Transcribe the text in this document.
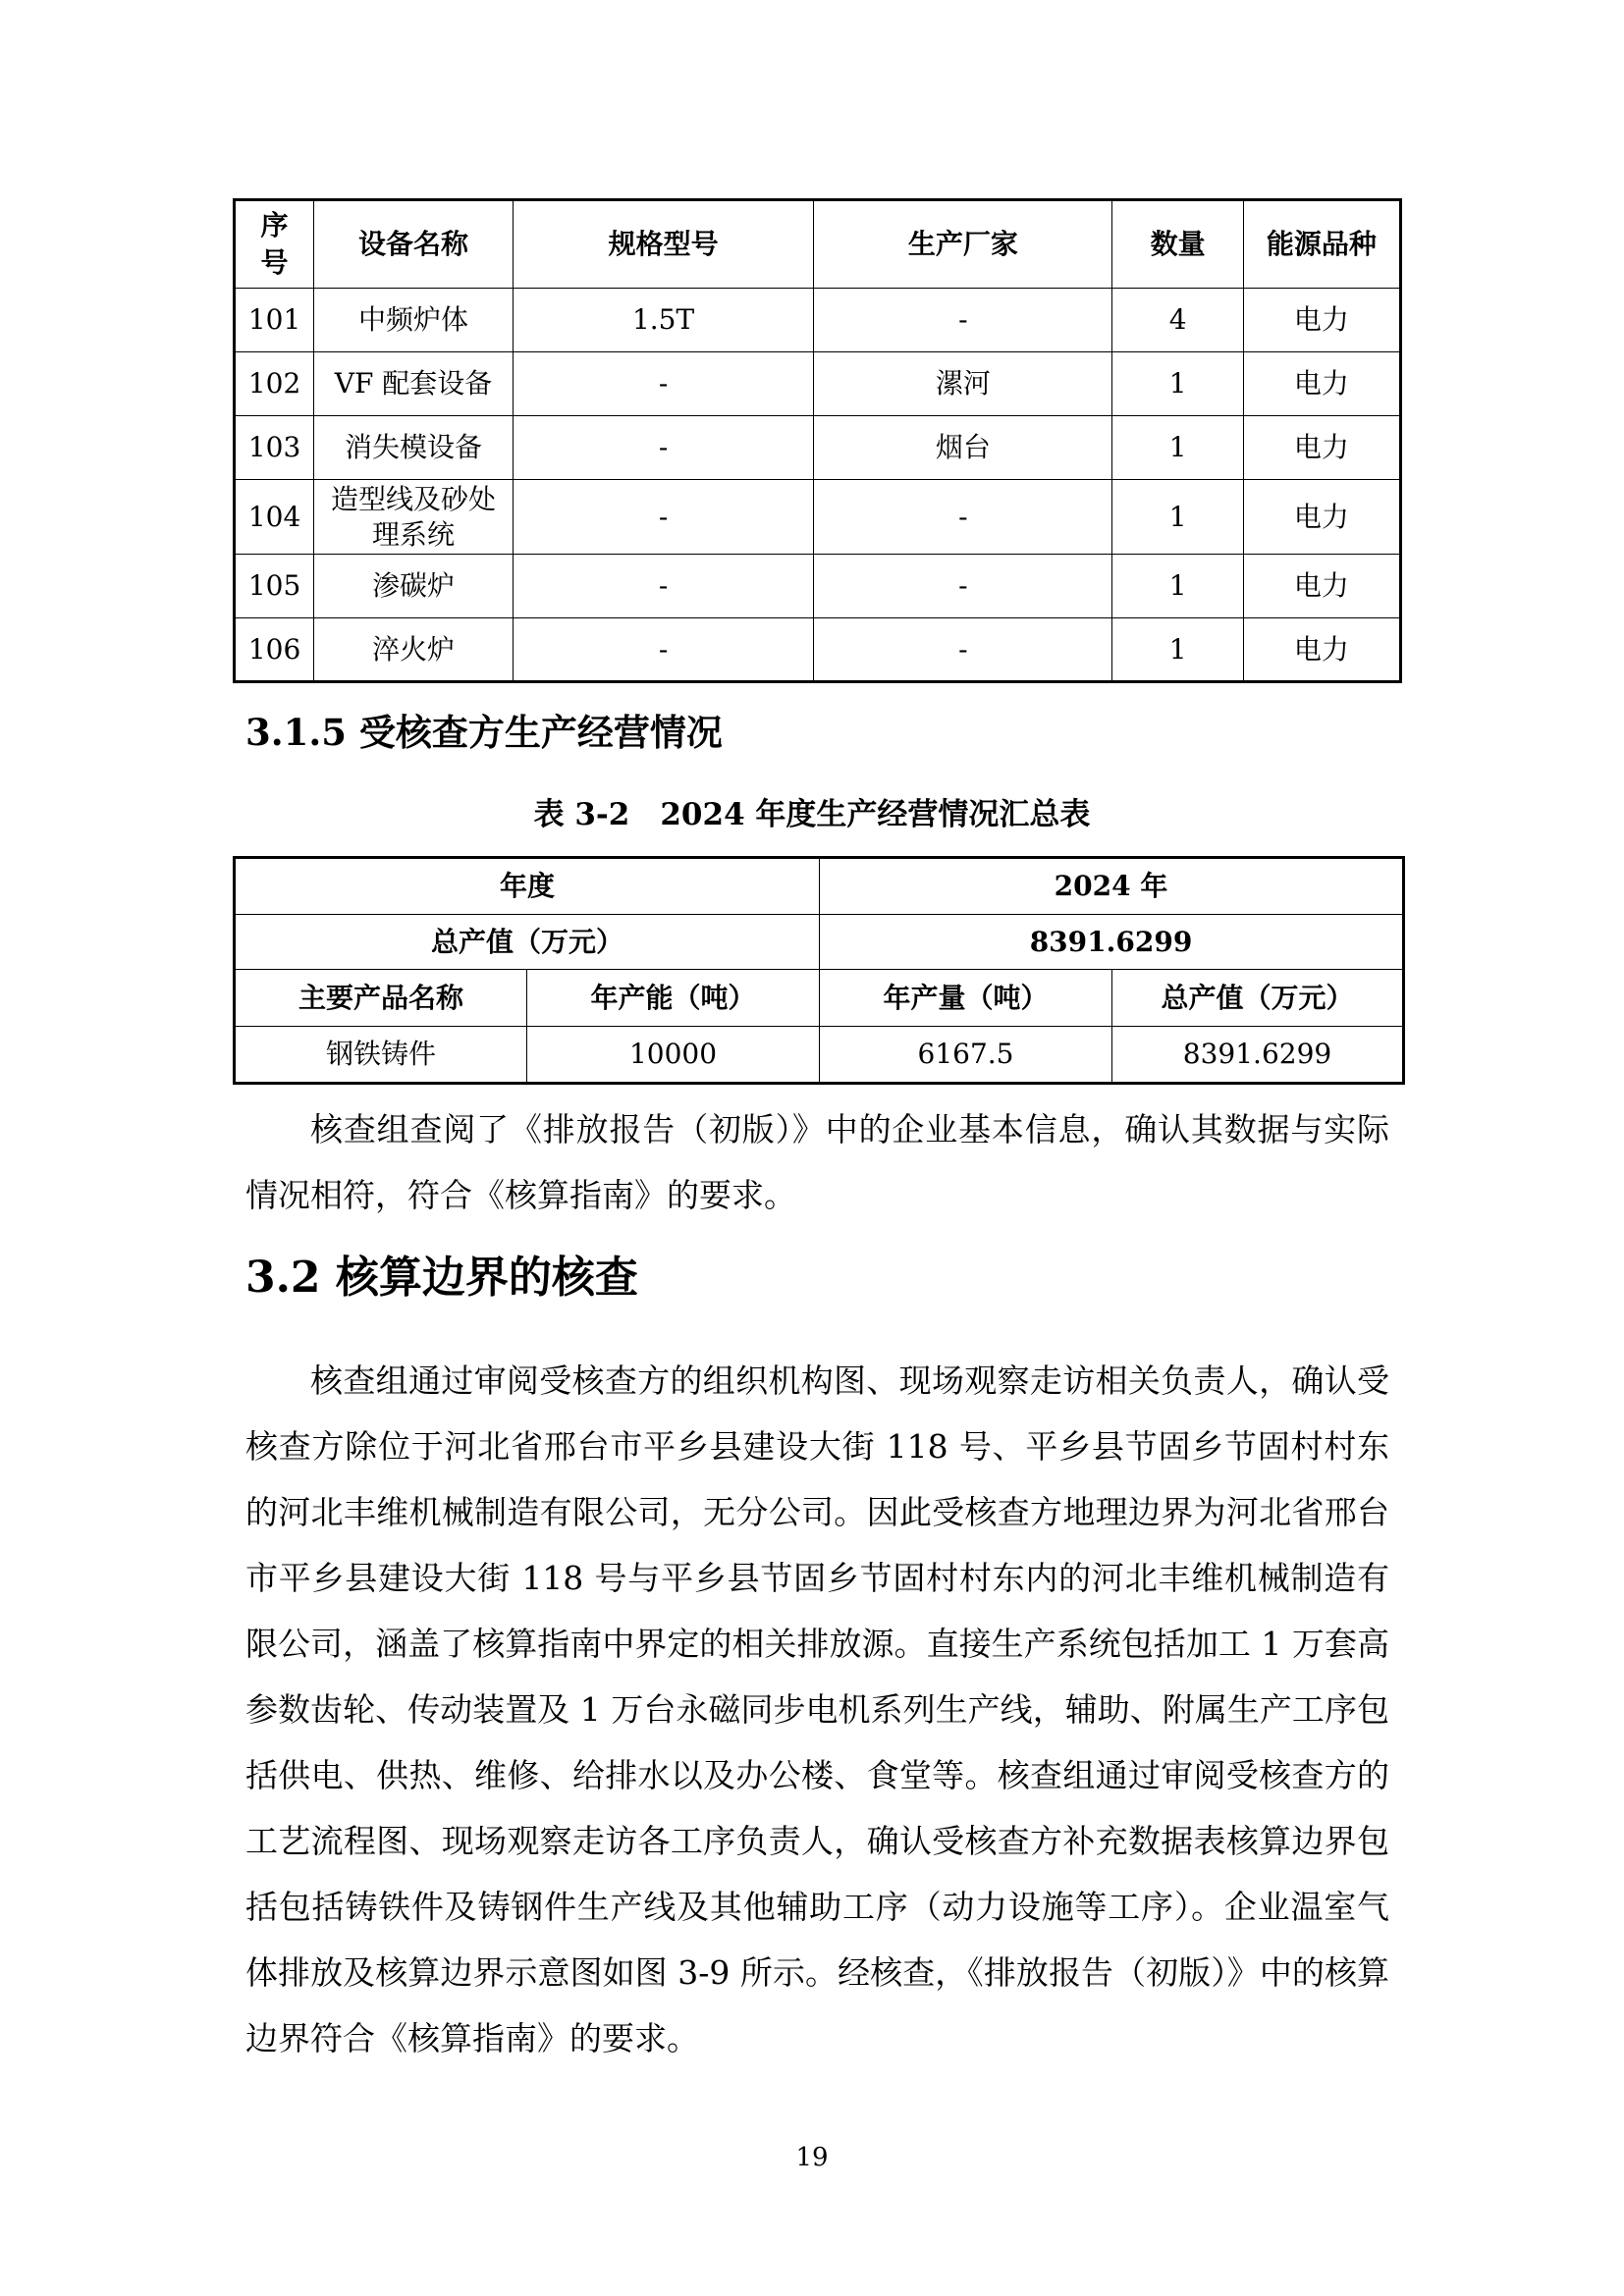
序
号	设备名称	规格型号	生产厂家	数量	能源品种
101	中频炉体	1.5T	-	4	电力
102	VF 配套设备	-	漯河	1	电力
103	消失模设备	-	烟台	1	电力
104	造型线及砂处理系统	-	-	1	电力
105	渗碳炉	-	-	1	电力
106	淬火炉	-	-	1	电力
3.1.5 受核查方生产经营情况

表 3-2　2024 年度生产经营情况汇总表

年度		2024 年	
总产值（万元）		8391.6299	
主要产品名称	年产能（吨）	年产量（吨）	总产值（万元）
钢铁铸件	10000	6167.5	8391.6299

核查组查阅了《排放报告（初版）》中的企业基本信息，确认其数据与实际情况相符，符合《核算指南》的要求。

3.2 核算边界的核查

核查组通过审阅受核查方的组织机构图、现场观察走访相关负责人，确认受核查方除位于河北省邢台市平乡县建设大街 118 号、平乡县节固乡节固村村东的河北丰维机械制造有限公司，无分公司。因此受核查方地理边界为河北省邢台市平乡县建设大街 118 号与平乡县节固乡节固村村东内的河北丰维机械制造有限公司，涵盖了核算指南中界定的相关排放源。直接生产系统包括加工 1 万套高参数齿轮、传动装置及 1 万台永磁同步电机系列生产线，辅助、附属生产工序包括供电、供热、维修、给排水以及办公楼、食堂等。核查组通过审阅受核查方的工艺流程图、现场观察走访各工序负责人，确认受核查方补充数据表核算边界包括包括铸铁件及铸钢件生产线及其他辅助工序（动力设施等工序）。企业温室气体排放及核算边界示意图如图 3-9 所示。经核查，《排放报告（初版）》中的核算边界符合《核算指南》的要求。

19
